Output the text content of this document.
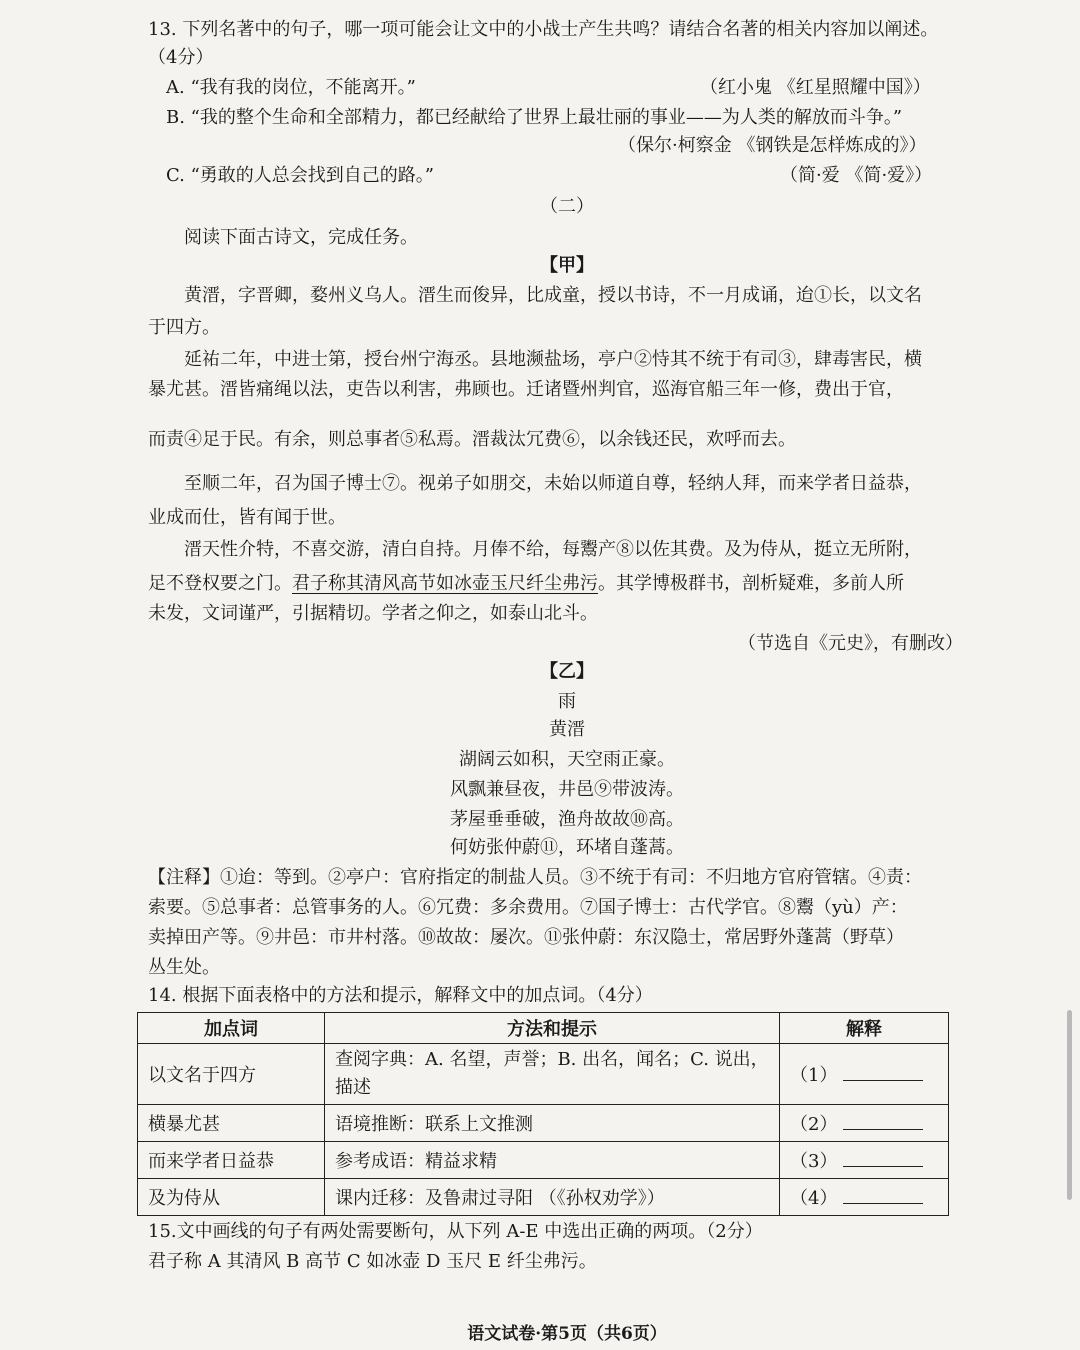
13. 下列名著中的句子，哪一项可能会让文中的小战士产生共鸣？请结合名著的相关内容加以阐述。
（4分）
A. “我有我的岗位，不能离开。”	（红小鬼 《红星照耀中国》）
B. “我的整个生命和全部精力，都已经献给了世界上最壮丽的事业——为人类的解放而斗争。”
（保尔·柯察金 《钢铁是怎样炼成的》）
C. “勇敢的人总会找到自己的路。”	（简·爱 《简·爱》）
（二）
阅读下面古诗文，完成任务。
【甲】
黄溍，字晋卿，婺州义乌人。溍生而俊异，比成童，授以书诗，不一月成诵，迨①长，以文名
于四方。
延祐二年，中进士第，授台州宁海丞。县地濒盐场，亭户②恃其不统于有司③，肆毒害民，横
暴尤甚。溍皆痛绳以法，吏告以利害，弗顾也。迁诸暨州判官，巡海官船三年一修，费出于官，
而责④足于民。有余，则总事者⑤私焉。溍裁汰冗费⑥，以余钱还民，欢呼而去。
至顺二年，召为国子博士⑦。视弟子如朋交，未始以师道自尊，轻纳人拜，而来学者日益恭，
业成而仕，皆有闻于世。
溍天性介特，不喜交游，清白自持。月俸不给，每鬻产⑧以佐其费。及为侍从，挺立无所附，
足不登权要之门。君子称其清风高节如冰壶玉尺纤尘弗污。其学博极群书，剖析疑难，多前人所
未发，文词谨严，引据精切。学者之仰之，如泰山北斗。
（节选自《元史》，有删改）
【乙】
雨
黄溍
湖阔云如积，天空雨正豪。
风飘兼昼夜，井邑⑨带波涛。
茅屋垂垂破，渔舟故故⑩高。
何妨张仲蔚⑪，环堵自蓬蒿。
【注释】①迨：等到。②亭户：官府指定的制盐人员。③不统于有司：不归地方官府管辖。④责：
索要。⑤总事者：总管事务的人。⑥冗费：多余费用。⑦国子博士：古代学官。⑧鬻（yù）产：
卖掉田产等。⑨井邑：市井村落。⑩故故：屡次。⑪张仲蔚：东汉隐士，常居野外蓬蒿（野草）
丛生处。
14. 根据下面表格中的方法和提示，解释文中的加点词。（4分）
加点词	方法和提示	解释
以文名于四方	查阅字典：A. 名望，声誉；B. 出名，闻名；C. 说出，描述	（1）
横暴尤甚	语境推断：联系上文推测	（2）
而来学者日益恭	参考成语：精益求精	（3）
及为侍从	课内迁移：及鲁肃过寻阳 （《孙权劝学》）	（4）
15.文中画线的句子有两处需要断句，从下列 A-E 中选出正确的两项。（2分）
君子称 A 其清风 B 高节 C 如冰壶 D 玉尺 E 纤尘弗污。
语文试卷·第5页（共6页）
